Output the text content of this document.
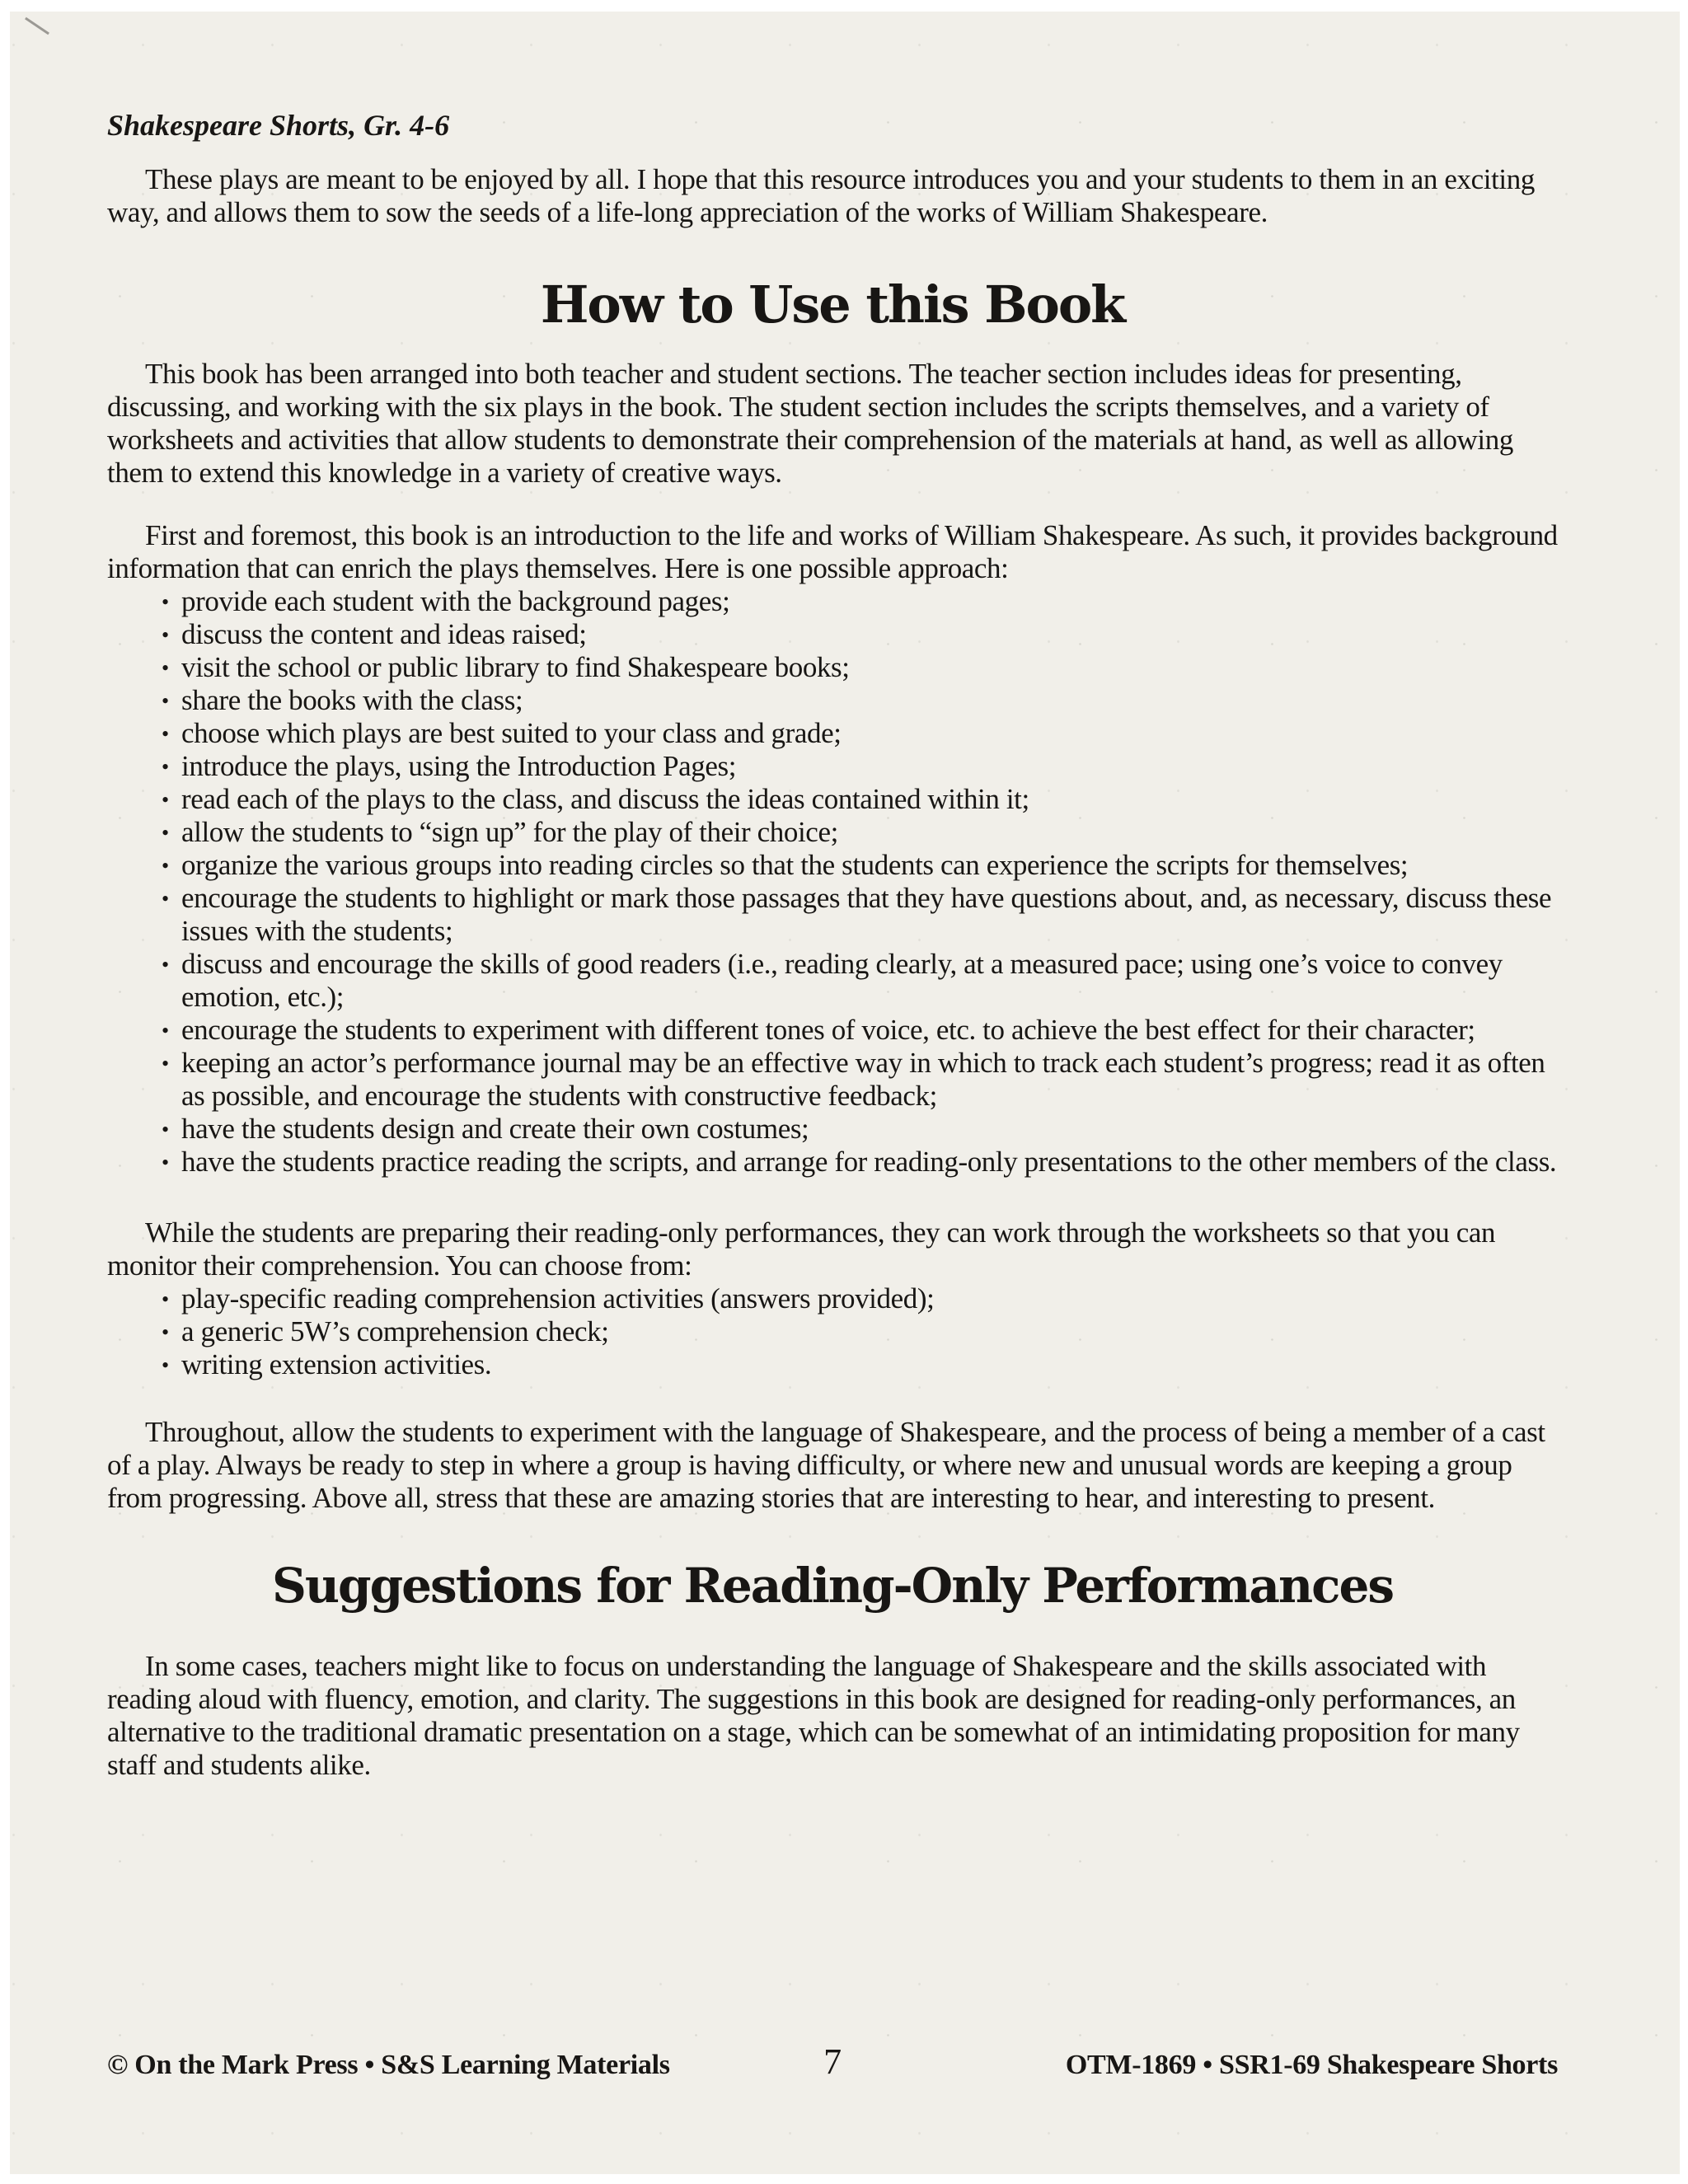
Shakespeare Shorts, Gr. 4-6

These plays are meant to be enjoyed by all. I hope that this resource introduces you and your students to them in an exciting way, and allows them to sow the seeds of a life-long appreciation of the works of William Shakespeare.

How to Use this Book

This book has been arranged into both teacher and student sections. The teacher section includes ideas for presenting, discussing, and working with the six plays in the book. The student section includes the scripts themselves, and a variety of worksheets and activities that allow students to demonstrate their comprehension of the materials at hand, as well as allowing them to extend this knowledge in a variety of creative ways.

First and foremost, this book is an introduction to the life and works of William Shakespeare. As such, it provides background information that can enrich the plays themselves. Here is one possible approach:

• provide each student with the background pages;
• discuss the content and ideas raised;
• visit the school or public library to find Shakespeare books;
• share the books with the class;
• choose which plays are best suited to your class and grade;
• introduce the plays, using the Introduction Pages;
• read each of the plays to the class, and discuss the ideas contained within it;
• allow the students to “sign up” for the play of their choice;
• organize the various groups into reading circles so that the students can experience the scripts for themselves;
• encourage the students to highlight or mark those passages that they have questions about, and, as necessary, discuss these issues with the students;
• discuss and encourage the skills of good readers (i.e., reading clearly, at a measured pace; using one’s voice to convey emotion, etc.);
• encourage the students to experiment with different tones of voice, etc. to achieve the best effect for their character;
• keeping an actor’s performance journal may be an effective way in which to track each student’s progress; read it as often as possible, and encourage the students with constructive feedback;
• have the students design and create their own costumes;
• have the students practice reading the scripts, and arrange for reading-only presentations to the other members of the class.

While the students are preparing their reading-only performances, they can work through the worksheets so that you can monitor their comprehension. You can choose from:

• play-specific reading comprehension activities (answers provided);
• a generic 5W’s comprehension check;
• writing extension activities.

Throughout, allow the students to experiment with the language of Shakespeare, and the process of being a member of a cast of a play. Always be ready to step in where a group is having difficulty, or where new and unusual words are keeping a group from progressing. Above all, stress that these are amazing stories that are interesting to hear, and interesting to present.

Suggestions for Reading-Only Performances

In some cases, teachers might like to focus on understanding the language of Shakespeare and the skills associated with reading aloud with fluency, emotion, and clarity. The suggestions in this book are designed for reading-only performances, an alternative to the traditional dramatic presentation on a stage, which can be somewhat of an intimidating proposition for many staff and students alike.

© On the Mark Press • S&S Learning Materials	7	OTM-1869 • SSR1-69 Shakespeare Shorts
